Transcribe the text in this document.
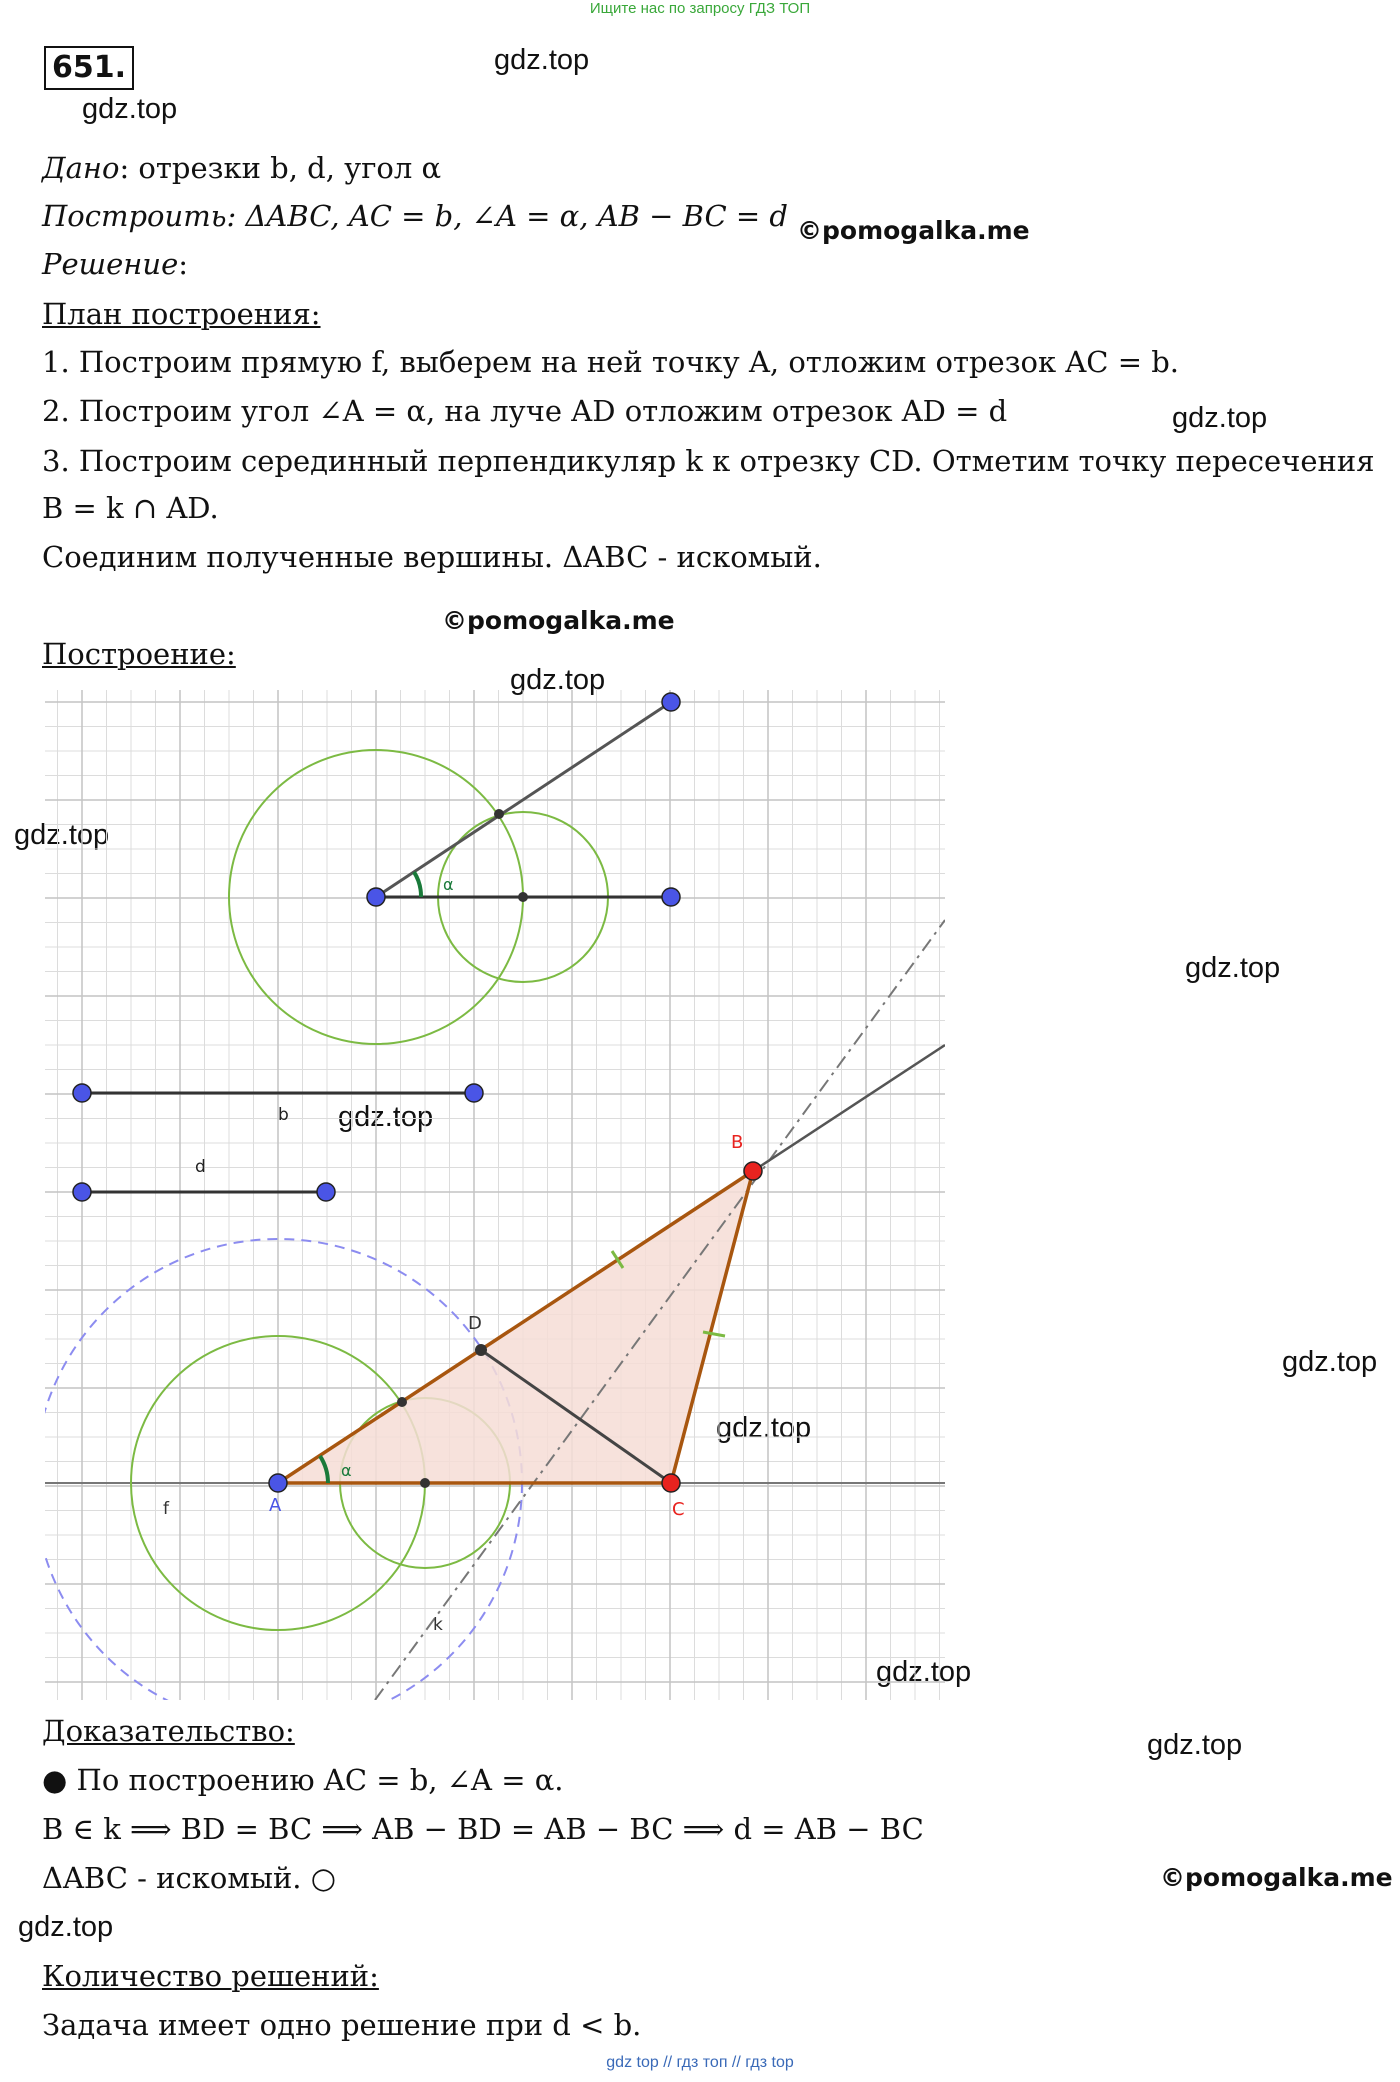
Ищите нас по запросу ГДЗ ТОП
651.	gdz.top
gdz.top
©pomogalka.me
gdz.top
©pomogalka.me
gdz.top
gdz.top
gdz.top
gdz.top
gdz.top
gdz.top
gdz.top
gdz.top
©pomogalka.me
gdz.top
Дано: отрезки b, d, угол α
Построить: ΔABC, AC = b, ∠A = α, AB − BC = d
Решение:
План построения:
1. Построим прямую f, выберем на ней точку A, отложим отрезок AC = b.
2. Построим угол ∠A = α, на луче AD отложим отрезок AD = d
3. Построим серединный перпендикуляр k к отрезку CD. Отметим точку пересечения
B = k ∩ AD.
Соединим полученные вершины. ΔABC - искомый.
Построение:
α
b
d
α
A	C
B
D
f
k
Доказательство:
● По построению AC = b, ∠A = α.
B ∈ k ⟹ BD = BC ⟹ AB − BD = AB − BC ⟹ d = AB − BC
ΔABC - искомый. ○
Количество решений:
Задача имеет одно решение при d < b.
gdz top // гдз топ // гдз top
